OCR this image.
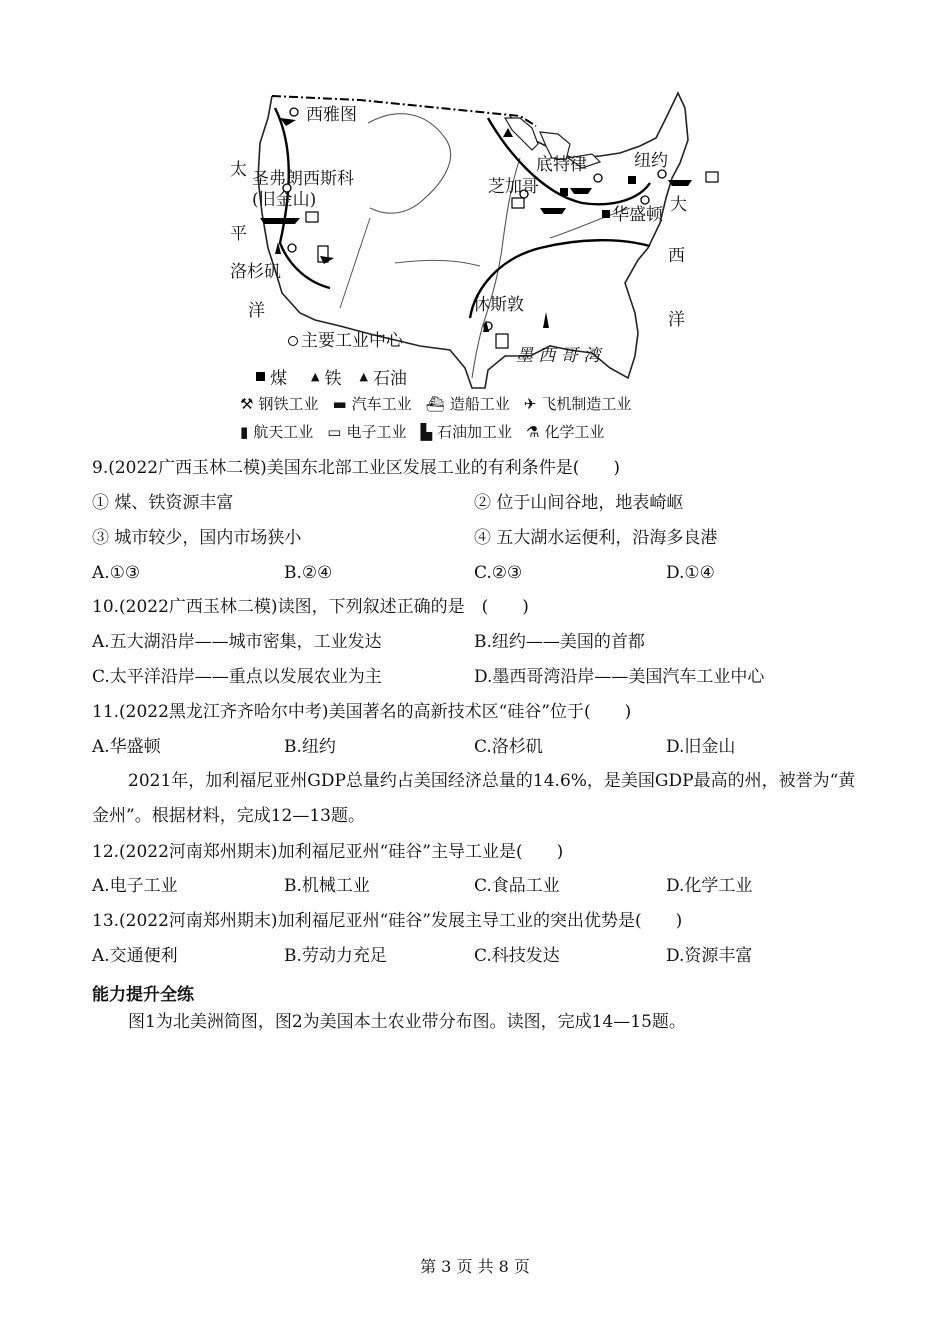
西雅图
圣弗朗西斯科
(旧金山)
洛杉矶
芝加哥
底特律	纽约
华盛顿
休斯敦
太
平
洋
大
西
洋
墨 西 哥 湾
主要工业中心
煤 ▲ 铁 ▲ 石油
⚒ 钢铁工业 ▬ 汽车工业 ⛴ 造船工业 ✈ 飞机制造工业
▮ 航天工业 ▭ 电子工业 ▙ 石油加工业 ⚗ 化学工业
9.(2022广西玉林二模)美国东北部工业区发展工业的有利条件是(　　)
① 煤、铁资源丰富	② 位于山间谷地，地表崎岖
③ 城市较少，国内市场狭小	④ 五大湖水运便利，沿海多良港
A.①③	B.②④	C.②③	D.①④
10.(2022广西玉林二模)读图，下列叙述正确的是　(　　)
A.五大湖沿岸——城市密集，工业发达	B.纽约——美国的首都
C.太平洋沿岸——重点以发展农业为主	D.墨西哥湾沿岸——美国汽车工业中心
11.(2022黑龙江齐齐哈尔中考)美国著名的高新技术区“硅谷”位于(　　)
A.华盛顿	B.纽约	C.洛杉矶	D.旧金山
2021年，加利福尼亚州GDP总量约占美国经济总量的14.6%，是美国GDP最高的州，被誉为“黄金州”。根据材料，完成12—13题。
12.(2022河南郑州期末)加利福尼亚州“硅谷”主导工业是(　　)
A.电子工业	B.机械工业	C.食品工业	D.化学工业
13.(2022河南郑州期末)加利福尼亚州“硅谷”发展主导工业的突出优势是(　　)
A.交通便利	B.劳动力充足	C.科技发达	D.资源丰富
能力提升全练
图1为北美洲简图，图2为美国本土农业带分布图。读图，完成14—15题。
第 3 页 共 8 页
